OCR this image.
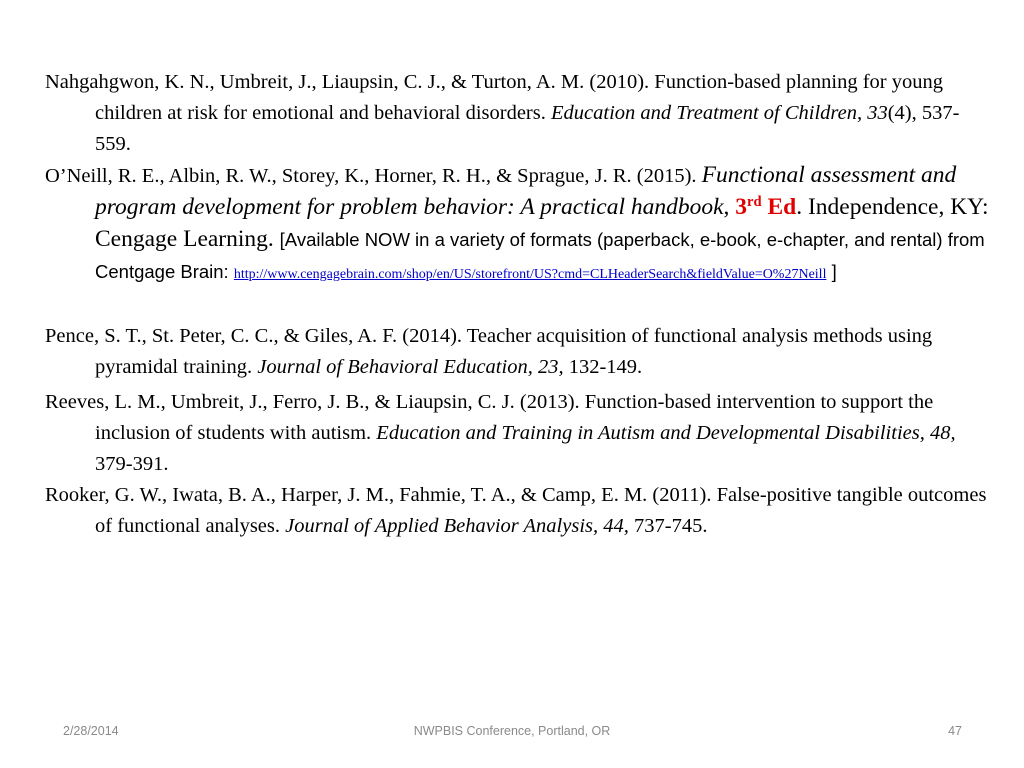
Nahgahgwon, K. N., Umbreit, J., Liaupsin, C. J., & Turton, A. M. (2010). Function-based planning for young children at risk for emotional and behavioral disorders. Education and Treatment of Children, 33(4), 537-559.

O’Neill, R. E., Albin, R. W., Storey, K., Horner, R. H., & Sprague, J. R. (2015). Functional assessment and program development for problem behavior: A practical handbook, 3rd Ed. Independence, KY: Cengage Learning. [Available NOW in a variety of formats (paperback, e-book, e-chapter, and rental) from Centgage Brain: http://www.cengagebrain.com/shop/en/US/storefront/US?cmd=CLHeaderSearch&fieldValue=O%27Neill ]

Pence, S. T., St. Peter, C. C., & Giles, A. F. (2014). Teacher acquisition of functional analysis methods using pyramidal training. Journal of Behavioral Education, 23, 132-149.

Reeves, L. M., Umbreit, J., Ferro, J. B., & Liaupsin, C. J. (2013). Function-based intervention to support the inclusion of students with autism. Education and Training in Autism and Developmental Disabilities, 48, 379-391.

Rooker, G. W., Iwata, B. A., Harper, J. M., Fahmie, T. A., & Camp, E. M. (2011). False-positive tangible outcomes of functional analyses. Journal of Applied Behavior Analysis, 44, 737-745.

2/28/2014	NWPBIS Conference, Portland, OR	47
